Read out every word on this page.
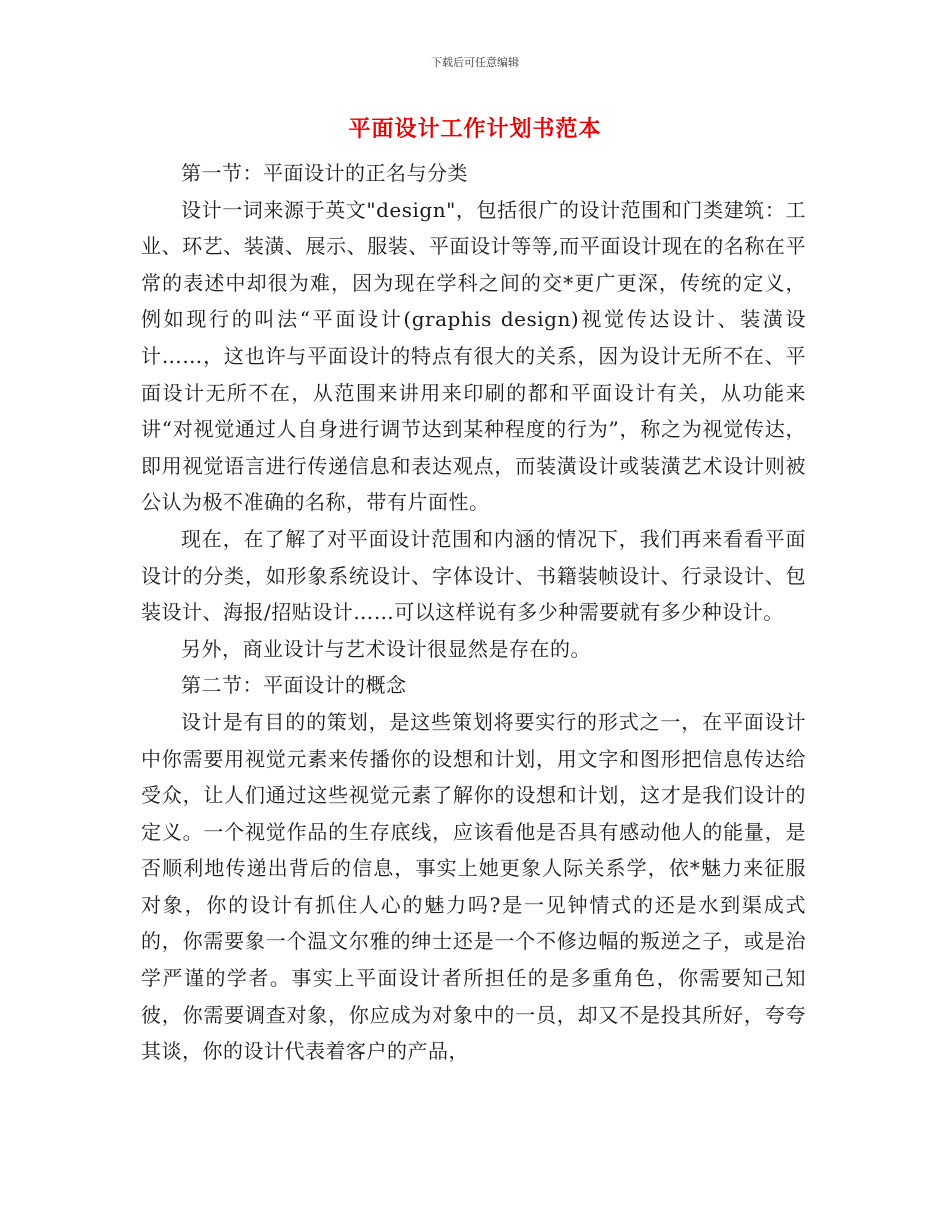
下载后可任意编辑
平面设计工作计划书范本

第一节：平面设计的正名与分类

设计一词来源于英文"design"，包括很广的设计范围和门类建筑：工业、环艺、装潢、展示、服装、平面设计等等,而平面设计现在的名称在平常的表述中却很为难，因为现在学科之间的交*更广更深，传统的定义，例如现行的叫法“平面设计(graphis design)视觉传达设计、装潢设计……，这也许与平面设计的特点有很大的关系，因为设计无所不在、平面设计无所不在，从范围来讲用来印刷的都和平面设计有关，从功能来讲“对视觉通过人自身进行调节达到某种程度的行为”，称之为视觉传达，即用视觉语言进行传递信息和表达观点，而装潢设计或装潢艺术设计则被公认为极不准确的名称，带有片面性。

现在，在了解了对平面设计范围和内涵的情况下，我们再来看看平面设计的分类，如形象系统设计、字体设计、书籍装帧设计、行录设计、包装设计、海报/招贴设计……可以这样说有多少种需要就有多少种设计。

另外，商业设计与艺术设计很显然是存在的。

第二节：平面设计的概念

设计是有目的的策划，是这些策划将要实行的形式之一，在平面设计中你需要用视觉元素来传播你的设想和计划，用文字和图形把信息传达给受众，让人们通过这些视觉元素了解你的设想和计划，这才是我们设计的定义。一个视觉作品的生存底线，应该看他是否具有感动他人的能量，是否顺利地传递出背后的信息，事实上她更象人际关系学，依*魅力来征服对象，你的设计有抓住人心的魅力吗?是一见钟情式的还是水到渠成式的，你需要象一个温文尔雅的绅士还是一个不修边幅的叛逆之子，或是治学严谨的学者。事实上平面设计者所担任的是多重角色，你需要知己知彼，你需要调查对象，你应成为对象中的一员，却又不是投其所好，夸夸其谈，你的设计代表着客户的产品，
